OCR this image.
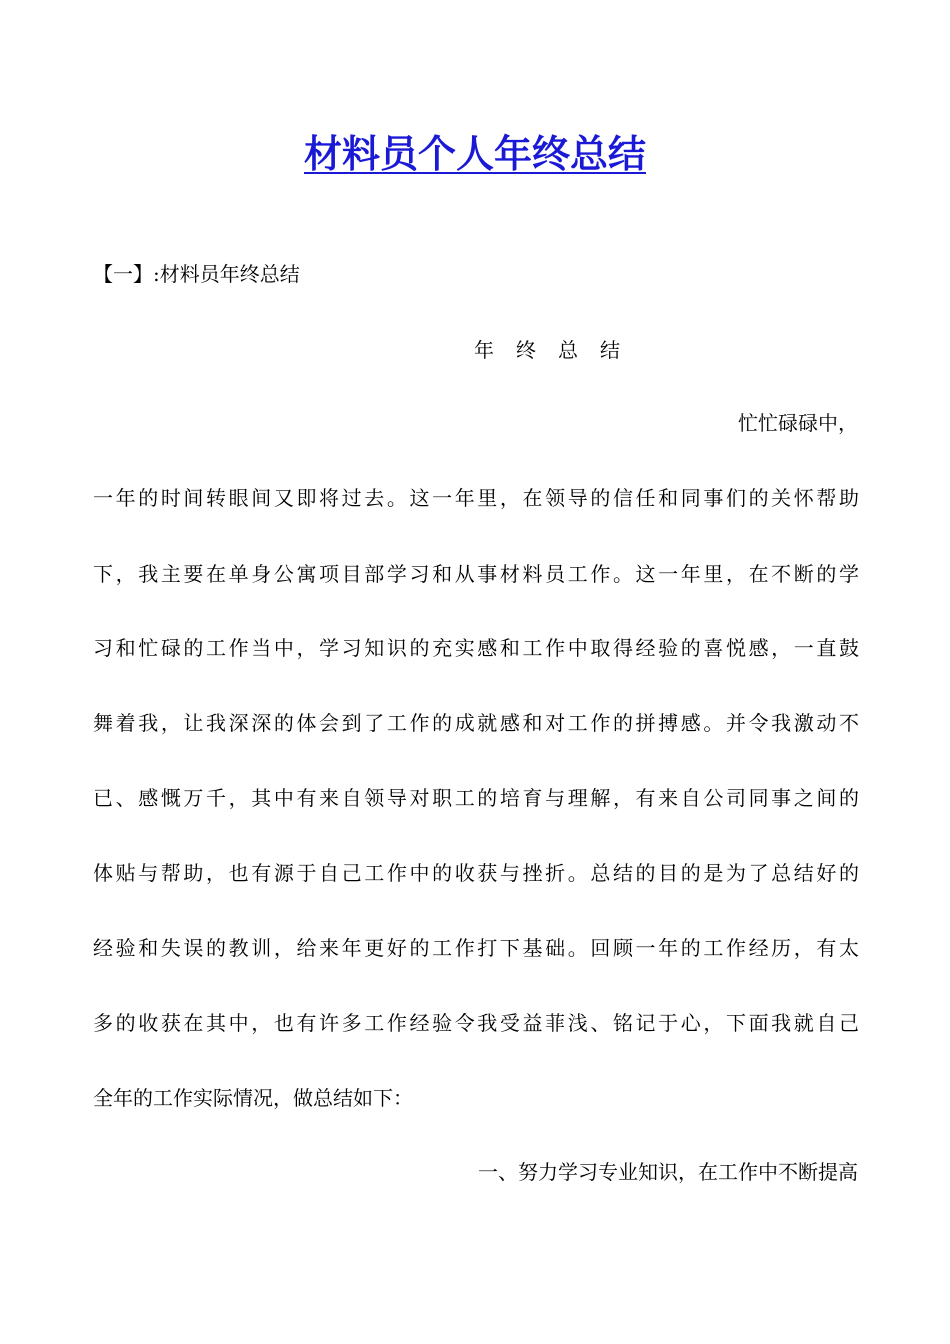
材料员个人年终总结
【一】:材料员年终总结
年终总结
忙忙碌碌中，
一年的时间转眼间又即将过去。这一年里，在领导的信任和同事们的关怀帮助
下，我主要在单身公寓项目部学习和从事材料员工作。这一年里，在不断的学
习和忙碌的工作当中，学习知识的充实感和工作中取得经验的喜悦感，一直鼓
舞着我，让我深深的体会到了工作的成就感和对工作的拼搏感。并令我激动不
已、感慨万千，其中有来自领导对职工的培育与理解，有来自公司同事之间的
体贴与帮助，也有源于自己工作中的收获与挫折。总结的目的是为了总结好的
经验和失误的教训，给来年更好的工作打下基础。回顾一年的工作经历，有太
多的收获在其中，也有许多工作经验令我受益菲浅、铭记于心，下面我就自己
全年的工作实际情况，做总结如下：
一、努力学习专业知识，在工作中不断提高
